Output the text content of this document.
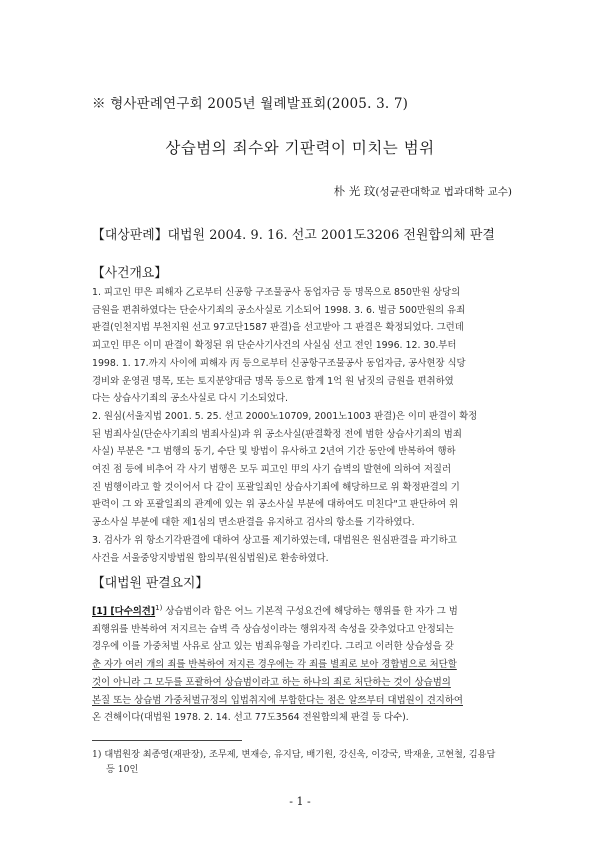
※ 형사판례연구회 2005년 월례발표회(2005. 3. 7)
상습범의 죄수와 기판력이 미치는 범위
朴 光 玟(성균관대학교 법과대학 교수)
【대상판례】대법원 2004. 9. 16. 선고 2001도3206 전원합의체 판결
【사건개요】
1. 피고인 甲은 피해자 乙로부터 신공항 구조물공사 동업자금 등 명목으로 850만원 상당의
금원을 편취하였다는 단순사기죄의 공소사실로 기소되어 1998. 3. 6. 벌금 500만원의 유죄
판결(인천지법 부천지원 선고 97고단1587 판결)을 선고받아 그 판결은 확정되었다. 그런데
피고인 甲은 이미 판결이 확정된 위 단순사기사건의 사실심 선고 전인 1996. 12. 30.부터
1998. 1. 17.까지 사이에 피해자 丙 등으로부터 신공항구조물공사 동업자금, 공사현장 식당
경비와 운영권 명목, 또는 토지분양대금 명목 등으로 합계 1억 원 남짓의 금원을 편취하였
다는 상습사기죄의 공소사실로 다시 기소되었다.
2. 원심(서울지법 2001. 5. 25. 선고 2000노10709, 2001노1003 판결)은 이미 판결이 확정
된 범죄사실(단순사기죄의 범죄사실)과 위 공소사실(판결확정 전에 범한 상습사기죄의 범죄
사실) 부분은 "그 범행의 동기, 수단 및 방법이 유사하고 2년여 기간 동안에 반복하여 행하
여진 점 등에 비추어 각 사기 범행은 모두 피고인 甲의 사기 습벽의 발현에 의하여 저질러
진 범행이라고 할 것이어서 다 같이 포괄일죄인 상습사기죄에 해당하므로 위 확정판결의 기
판력이 그 와 포괄일죄의 관계에 있는 위 공소사실 부분에 대하여도 미친다"고 판단하여 위
공소사실 부분에 대한 제1심의 면소판결을 유지하고 검사의 항소를 기각하였다.
3. 검사가 위 항소기각판결에 대하여 상고를 제기하였는데, 대법원은 원심판결을 파기하고
사건을 서울중앙지방법원 합의부(원심법원)로 환송하였다.
【대법원 판결요지】
[1] [다수의견]$^{1)}$ 상습범이라 함은 어느 기본적 구성요건에 해당하는 행위를 한 자가 그 범
죄행위를 반복하여 저지르는 습벽 즉 상습성이라는 행위자적 속성을 갖추었다고 안정되는
경우에 이를 가중처벌 사유로 삼고 있는 범죄유형을 가리킨다. 그리고 이러한 상습성을 갖
춘 자가 여러 개의 죄를 반복하여 저지른 경우에는 각 죄를 별죄로 보아 경합범으로 처단할
것이 아니라 그 모두를 포괄하여 상습범이라고 하는 하나의 죄로 처단하는 것이 상습범의
본질 또는 상습범 가중처벌규정의 입법취지에 부합한다는 점은 알쯔부터 대법원이 견지하여
온 견해이다(대법원 1978. 2. 14. 선고 77도3564 전원합의체 판결 등 다수).
1) 대법원장 최종영(재판장), 조무제, 변재승, 유지담, 배기원, 강신욱, 이강국, 박재윤, 고현철, 김용담
등 10인
- 1 -
